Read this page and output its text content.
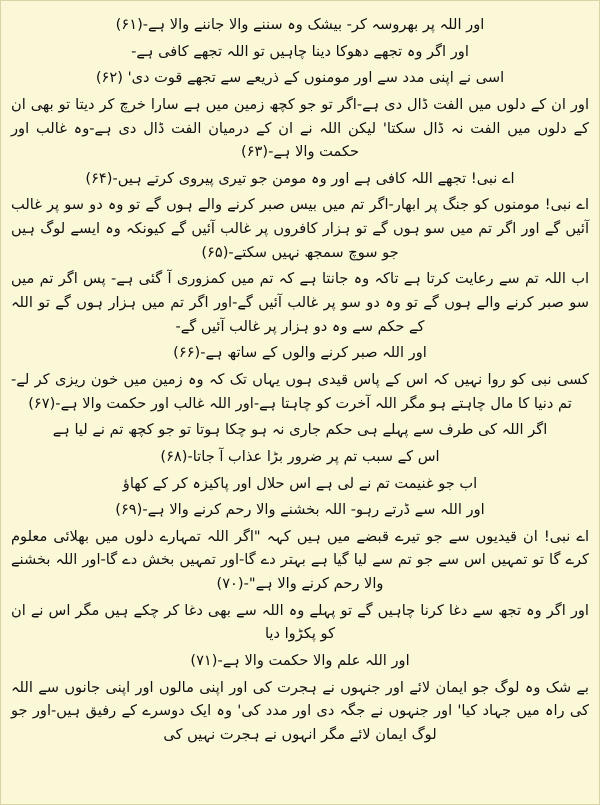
اور اللہ پر بھروسہ کر- بیشک وہ سننے والا جاننے والا ہے-(۶۱)
اور اگر وہ تجھے دھوکا دینا چاہیں تو اللہ تجھے کافی ہے-
اسی نے اپنی مدد سے اور مومنوں کے ذریعے سے تجھے قوت دی' (۶۲)
اور ان کے دلوں میں الفت ڈال دی ہے-اگر تو جو کچھ زمین میں ہے سارا خرچ کر دیتا تو بھی ان کے دلوں میں الفت نہ ڈال سکتا' لیکن اللہ نے ان کے درمیان الفت ڈال دی ہے-وہ غالب اور حکمت والا ہے-(۶۳)
اے نبی! تجھے اللہ کافی ہے اور وہ مومن جو تیری پیروی کرتے ہیں-(۶۴)
اے نبی! مومنوں کو جنگ پر ابھار-اگر تم میں بیس صبر کرنے والے ہوں گے تو وہ دو سو پر غالب آئیں گے اور اگر تم میں سو ہوں گے تو ہزار کافروں پر غالب آئیں گے کیونکہ وہ ایسے لوگ ہیں جو سوچ سمجھ نہیں سکتے-(۶۵)
اب اللہ تم سے رعایت کرتا ہے تاکہ وہ جانتا ہے کہ تم میں کمزوری آ گئی ہے- پس اگر تم میں سو صبر کرنے والے ہوں گے تو وہ دو سو پر غالب آئیں گے-اور اگر تم میں ہزار ہوں گے تو اللہ کے حکم سے وہ دو ہزار پر غالب آئیں گے-
اور اللہ صبر کرنے والوں کے ساتھ ہے-(۶۶)
کسی نبی کو روا نہیں کہ اس کے پاس قیدی ہوں یہاں تک کہ وہ زمین میں خون ریزی کر لے- تم دنیا کا مال چاہتے ہو مگر اللہ آخرت کو چاہتا ہے-اور اللہ غالب اور حکمت والا ہے-(۶۷)
اگر اللہ کی طرف سے پہلے ہی حکم جاری نہ ہو چکا ہوتا تو جو کچھ تم نے لیا ہے
اس کے سبب تم پر ضرور بڑا عذاب آ جاتا-(۶۸)
اب جو غنیمت تم نے لی ہے اس حلال اور پاکیزہ کر کے کھاؤ
اور اللہ سے ڈرتے رہو- اللہ بخشنے والا رحم کرنے والا ہے-(۶۹)
اے نبی! ان قیدیوں سے جو تیرے قبضے میں ہیں کہہ "اگر اللہ تمہارے دلوں میں بھلائی معلوم کرے گا تو تمہیں اس سے جو تم سے لیا گیا ہے بہتر دے گا-اور تمہیں بخش دے گا-اور اللہ بخشنے والا رحم کرنے والا ہے"-(۷۰)
اور اگر وہ تجھ سے دغا کرنا چاہیں گے تو پہلے وہ اللہ سے بھی دغا کر چکے ہیں مگر اس نے ان کو پکڑوا دیا
اور اللہ علم والا حکمت والا ہے-(۷۱)
بے شک وہ لوگ جو ایمان لائے اور جنہوں نے ہجرت کی اور اپنی مالوں اور اپنی جانوں سے اللہ کی راہ میں جہاد کیا' اور جنہوں نے جگہ دی اور مدد کی' وہ ایک دوسرے کے رفیق ہیں-اور جو لوگ ایمان لائے مگر انہوں نے ہجرت نہیں کی
